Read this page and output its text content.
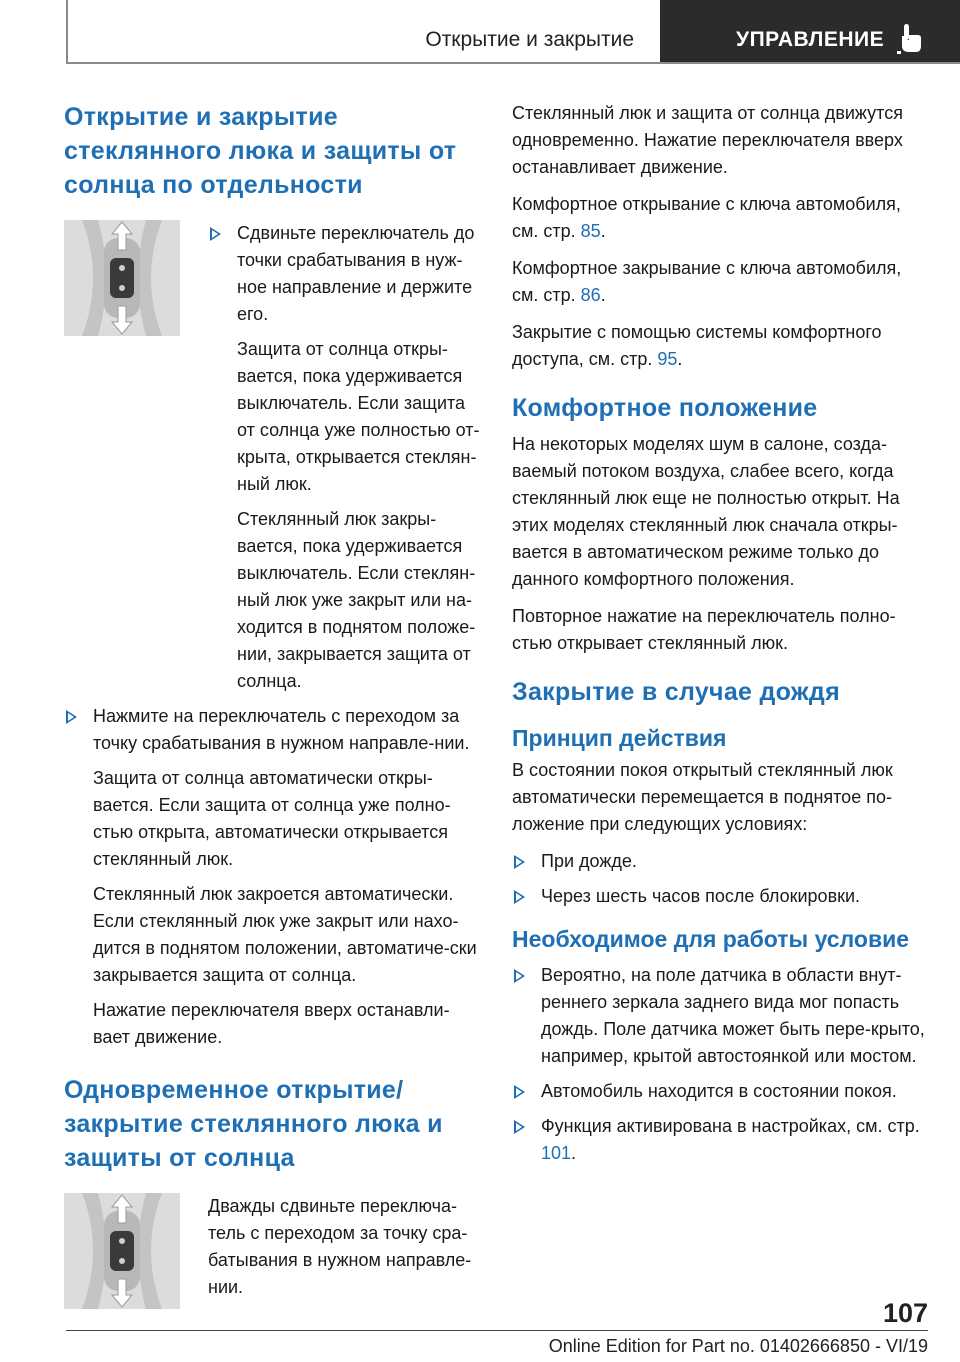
Открытие и закрытие	УПРАВЛЕНИЕ
Открытие и закрытие стеклянного люка и защиты от солнца по отдельности

Сдвиньте переключатель до точки срабатывания в нуж-ное направление и держите его.

Защита от солнца откры-вается, пока удерживается выключатель. Если защита от солнца уже полностью от-крыта, открывается стеклян-ный люк.

Стеклянный люк закры-вается, пока удерживается выключатель. Если стеклян-ный люк уже закрыт или на-ходится в поднятом положе-нии, закрывается защита от солнца.

Нажмите на переключатель с переходом за точку срабатывания в нужном направле-нии.

Защита от солнца автоматически откры-вается. Если защита от солнца уже полно-стью открыта, автоматически открывается стеклянный люк.

Стеклянный люк закроется автоматически. Если стеклянный люк уже закрыт или нахо-дится в поднятом положении, автоматиче-ски закрывается защита от солнца.

Нажатие переключателя вверх останавли-вает движение.

Одновременное открытие/ закрытие стеклянного люка и защиты от солнца

Дважды сдвиньте переключа-тель с переходом за точку сра-батывания в нужном направле-нии.

Стеклянный люк и защита от солнца движутся одновременно. Нажатие переключателя вверх останавливает движение.

Комфортное открывание с ключа автомобиля, см. стр. 85.

Комфортное закрывание с ключа автомобиля, см. стр. 86.

Закрытие с помощью системы комфортного доступа, см. стр. 95.

Комфортное положение

На некоторых моделях шум в салоне, созда-ваемый потоком воздуха, слабее всего, когда стеклянный люк еще не полностью открыт. На этих моделях стеклянный люк сначала откры-вается в автоматическом режиме только до данного комфортного положения.

Повторное нажатие на переключатель полно-стью открывает стеклянный люк.

Закрытие в случае дождя
Принцип действия

В состоянии покоя открытый стеклянный люк автоматически перемещается в поднятое по-ложение при следующих условиях:

При дожде.

Через шесть часов после блокировки.

Необходимое для работы условие

Вероятно, на поле датчика в области внут-реннего зеркала заднего вида мог попасть дождь. Поле датчика может быть пере-крыто, например, крытой автостоянкой или мостом.

Автомобиль находится в состоянии покоя.

Функция активирована в настройках, см. стр. 101.

107
Online Edition for Part no. 01402666850 - VI/19
